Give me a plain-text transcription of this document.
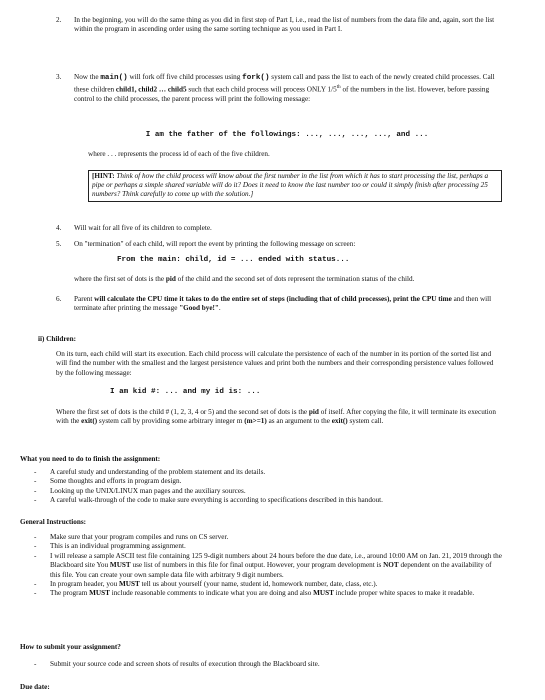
2.	In the beginning, you will do the same thing as you did in first step of Part I, i.e., read the list of numbers from the data file and, again, sort the list within the program in ascending order using the same sorting technique as you used in Part I.
3.	Now the main() will fork off five child processes using fork() system call and pass the list to each of the newly created child processes. Call these children child1, child2 … child5 such that each child process will process ONLY 1/5th of the numbers in the list. However, before passing control to the child processes, the parent process will print the following message:
I am the father of the followings: ..., ..., ..., ..., and ...
where . . . represents the process id of each of the five children.
[HINT: Think of how the child process will know about the first number in the list from which it has to start processing the list, perhaps a pipe or perhaps a simple shared variable will do it? Does it need to know the last number too or could it simply finish after processing 25 numbers? Think carefully to come up with the solution.]
4.	Will wait for all five of its children to complete.
5.	On "termination" of each child, will report the event by printing the following message on screen:
From the main: child, id = ... ended with status...
where the first set of dots is the pid of the child and the second set of dots represent the termination status of the child.
6.	Parent will calculate the CPU time it takes to do the entire set of steps (including that of child processes), print the CPU time and then will terminate after printing the message "Good bye!".
ii) Children:
On its turn, each child will start its execution. Each child process will calculate the persistence of each of the number in its portion of the sorted list and will find the number with the smallest and the largest persistence values and print both the numbers and their corresponding persistence values followed by the following message:
I am kid #: ... and my id is: ...
Where the first set of dots is the child # (1, 2, 3, 4 or 5) and the second set of dots is the pid of itself. After copying the file, it will terminate its execution with the exit() system call by providing some arbitrary integer m (m>=1) as an argument to the exit() system call.
What you need to do to finish the assignment:
- A careful study and understanding of the problem statement and its details.
- Some thoughts and efforts in program design.
- Looking up the UNIX/LINUX man pages and the auxiliary sources.
- A careful walk-through of the code to make sure everything is according to specifications described in this handout.
General Instructions:
- Make sure that your program compiles and runs on CS server.
- This is an individual programming assignment.
- I will release a sample ASCII test file containing 125 9-digit numbers about 24 hours before the due date, i.e., around 10:00 AM on Jan. 21, 2019 through the Blackboard site You MUST use list of numbers in this file for final output. However, your program development is NOT dependent on the availability of this file. You can create your own sample data file with arbitrary 9 digit numbers.
- In program header, you MUST tell us about yourself (your name, student id, homework number, date, class, etc.).
- The program MUST include reasonable comments to indicate what you are doing and also MUST include proper white spaces to make it readable.
How to submit your assignment?
- Submit your source code and screen shots of results of execution through the Blackboard site.
Due date:
